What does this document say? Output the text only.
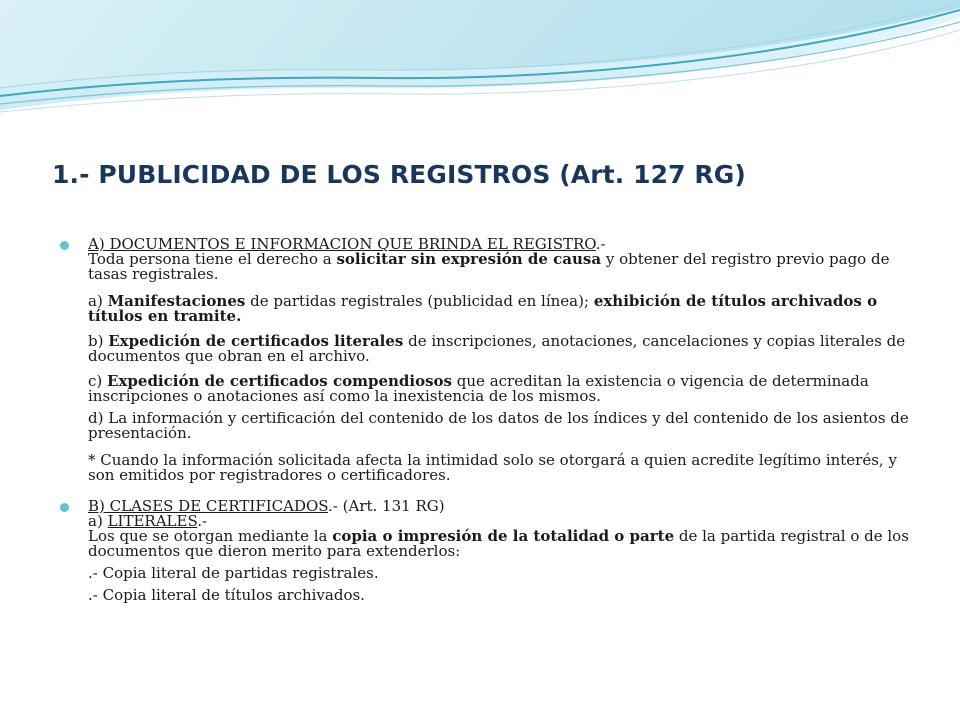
1.- PUBLICIDAD DE LOS REGISTROS (Art. 127 RG)
A) DOCUMENTOS E INFORMACION QUE BRINDA EL REGISTRO.-
Toda persona tiene el derecho a solicitar sin expresión de causa y obtener del registro previo pago de tasas registrales.
a) Manifestaciones de partidas registrales (publicidad en línea); exhibición de títulos archivados o títulos en tramite.
b) Expedición de certificados literales de inscripciones, anotaciones, cancelaciones y copias literales de documentos que obran en el archivo.
c) Expedición de certificados compendiosos que acreditan la existencia o vigencia de determinada inscripciones o anotaciones así como la inexistencia de los mismos.
d) La información y certificación del contenido de los datos de los índices y del contenido de los asientos de presentación.
* Cuando la información solicitada afecta la intimidad solo se otorgará a quien acredite legítimo interés, y son emitidos por registradores o certificadores.
B) CLASES DE CERTIFICADOS.- (Art. 131 RG)
a) LITERALES.-
Los que se otorgan mediante la copia o impresión de la totalidad o parte de la partida registral o de los documentos que dieron merito para extenderlos:
.- Copia literal de partidas registrales.
.- Copia literal de títulos archivados.
